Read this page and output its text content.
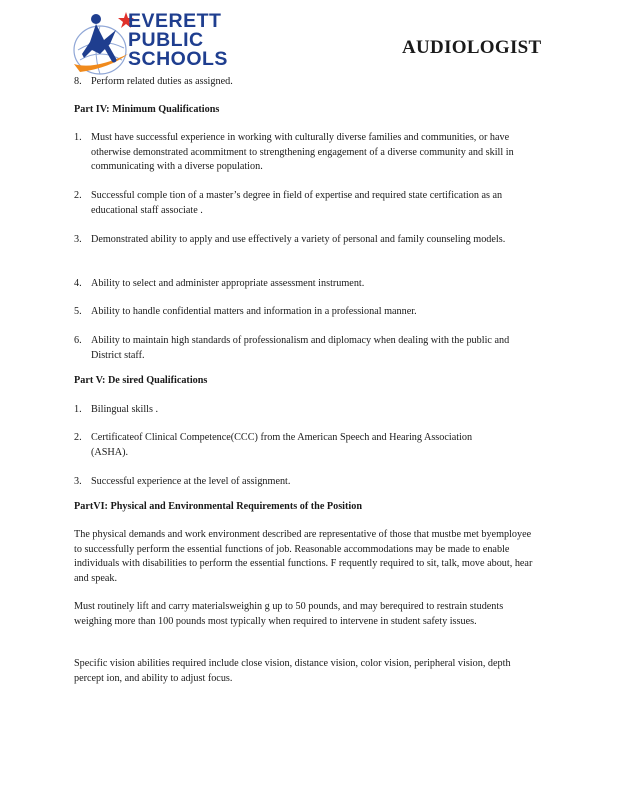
EVERETT
PUBLIC
SCHOOLS
AUDIOLOGIST
8. Perform related duties as assigned.
Part IV: Minimum Qualifications
1. Must have successful experience in working with culturally diverse families and communities, or have otherwise demonstrated acommitment to strengthening engagement of a diverse community and skill in communicating with a diverse population.
2. Successful comple tion of a master’s degree in field of expertise and required state certification as an educational staff associate .
3. Demonstrated ability to apply and use effectively a variety of personal and family counseling models.
4. Ability to select and administer appropriate assessment instrument.
5. Ability to handle confidential matters and information in a professional manner.
6. Ability to maintain high standards of professionalism and diplomacy when dealing with the public and District staff.
Part V: De sired Qualifications
1. Bilingual skills .
2. Certificateof Clinical Competence(CCC) from the American Speech and Hearing Association (ASHA).
3. Successful experience at the level of assignment.
PartVI: Physical and Environmental Requirements of the Position
The physical demands and work environment described are representative of those that mustbe met byemployee to successfully perform the essential functions of job. Reasonable accommodations may be made to enable individuals with disabilities to perform the essential functions. F requently required to sit, talk, move about, hear and speak.
Must routinely lift and carry materialsweighin g up to 50 pounds, and may berequired to restrain students weighing more than 100 pounds most typically when required to intervene in student safety issues.
Specific vision abilities required include close vision, distance vision, color vision, peripheral vision, depth percept ion, and ability to adjust focus.
